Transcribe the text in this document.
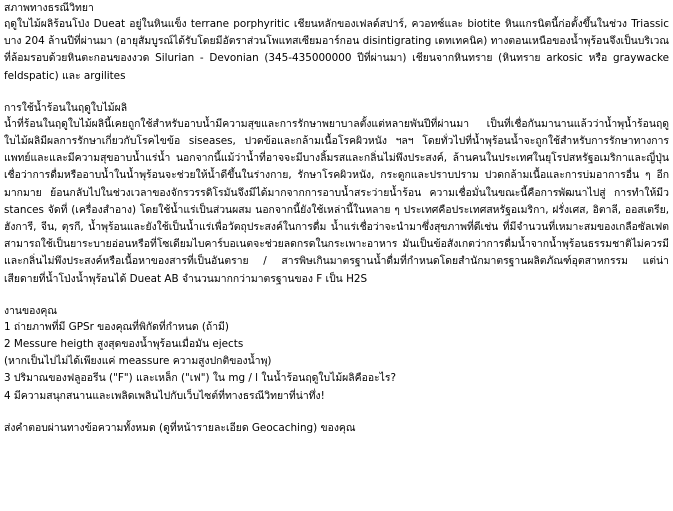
สภาพทางธรณีวิทยา

ฤดูใบไม้ผลิร้อนโป่ง Dueat อยู่ในหินแข็ง terrane porphyritic เชียนหลักของเฟลด์สปาร์, ควอทซ์และ biotite หินแกรนิตนี้ก่อตั้งขึ้นในช่วง Triassic บาง 204 ล้านปีที่ผ่านมา (อายุสัมบูรณ์ได้รับโดยมีอัตราส่วนโพแทสเซียมอาร์กอน disintigrating เดทเทคนิค) ทางตอนเหนือของน้ำพุร้อนจึงเป็นบริเวณที่ล้อมรอบด้วยหินตะกอนของงวด Silurian - Devonian (345-435000000 ปีที่ผ่านมา) เชียนจากหินทราย (หินทราย arkosic หรือ graywacke feldspatic) และ argilites

การใช้น้ำร้อนในฤดูใบไม้ผลิ

น้ำที่ร้อนในฤดูใบไม้ผลินี้เคยถูกใช้สำหรับอาบน้ำมีความสุขและการรักษาพยาบาลตั้งแต่หลายพันปีที่ผ่านมา เป็นที่เชื่อกันมานานแล้วว่าน้ำพุน้ำร้อนฤดูใบไม้ผลิมีผลการรักษาเกี่ยวกับโรคไขข้อ siseases, ปวดข้อและกล้ามเนื้อโรคผิวหนัง ฯลฯ โดยทั่วไปที่น้ำพุร้อนน้ำจะถูกใช้สำหรับการรักษาทางการแพทย์และและมีความสุขอาบน้ำแร่น้ำ นอกจากนี้แม้ว่าน้ำที่อาจจะมีบางลิ้มรสและกลิ่นไม่พึงประสงค์, ล้านคนในประเทศในยุโรปสหรัฐอเมริกาและญี่ปุ่นเชื่อว่าการดื่มหรืออาบน้ำในน้ำพุร้อนจะช่วยให้น้ำดีขึ้นในร่างกาย, รักษาโรคผิวหนัง, กระดูกและปราบปราม ปวดกล้ามเนื้อและการบ่มอาการอื่น ๆ อีกมากมาย ย้อนกลับไปในช่วงเวลาของจักรวรรดิโรมันจึงมีได้มากจากการอาบน้ำสระว่ายน้ำร้อน ความเชื่อมั่นในขณะนี้คือการพัฒนาไปสู่ การทำให้มีว stances จัดที่ (เครื่องสำอาง) โดยใช้น้ำแร่เป็นส่วนผสม นอกจากนี้ยังใช้เหล่านี้ในหลาย ๆ ประเทศคือประเทศสหรัฐอเมริกา, ฝรั่งเศส, อิตาลี, ออสเตรีย, ฮังการี, จีน, ตุรกี, น้ำพุร้อนและยังใช้เป็นน้ำแร่เพื่อวัตถุประสงค์ในการดื่ม น้ำแร่เชื่อว่าจะนำมาซึ่งสุขภาพที่ดีเช่น ที่มีจำนวนที่เหมาะสมของเกลือซัลเฟตสามารถใช้เป็นยาระบายอ่อนหรือที่โซเดียมไบคาร์บอเนตจะช่วยลดกรดในกระเพาะอาหาร มันเป็นข้อสังเกตว่าการดื่มน้ำจากน้ำพุร้อนธรรมชาติไม่ควรมีและกลิ่นไม่พึงประสงค์หรือเนื้อหาของสารที่เป็นอันตราย / สารพิษเกินมาตรฐานน้ำดื่มที่กำหนดโดยสำนักมาตรฐานผลิตภัณฑ์อุตสาหกรรม แต่น่าเสียดายที่น้ำโป่งน้ำพุร้อนได้ Dueat AB จำนวนมากกว่ามาตรฐานของ F เป็น H2S

งานของคุณ
1 ถ่ายภาพที่มี GPSr ของคุณที่พิกัดที่กำหนด (ถ้ามี)
2 Messure heigth สูงสุดของน้ำพุร้อนเมื่อมัน ejects
(หากเป็นไปไม่ได้เพียงแค่ meassure ความสูงปกติของน้ำพุ)
3 ปริมาณของฟลูออรีน ("F") และเหล็ก ("เฟ") ใน mg / l ในน้ำร้อนฤดูใบไม้ผลิคืออะไร?
4 มีความสนุกสนานและเพลิดเพลินไปกับเว็บไซต์ที่ทางธรณีวิทยาที่น่าทึ่ง!

ส่งคำตอบผ่านทางข้อความทั้งหมด (ดูที่หน้ารายละเอียด Geocaching) ของคุณ
